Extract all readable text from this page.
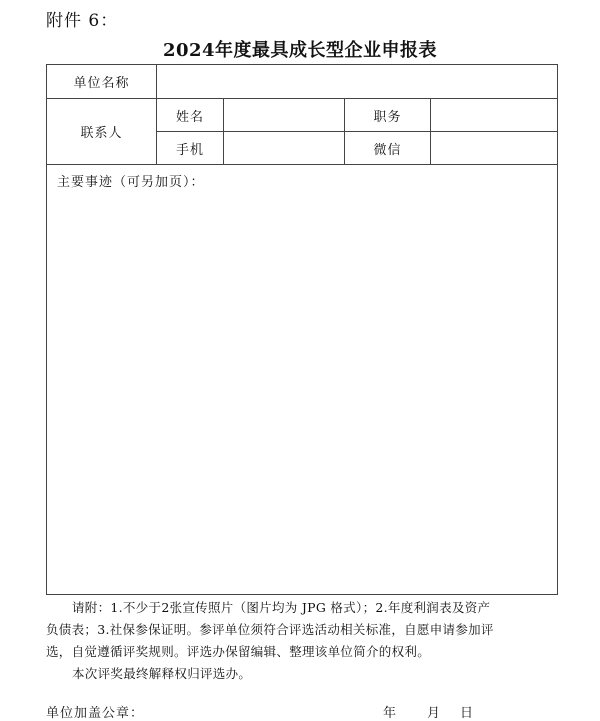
附件 6：
2024年度最具成长型企业申报表
单位名称				
联系人	姓名		职务	
	手机		微信	
主要事迹（可另加页）：				

请附：1.不少于2张宣传照片（图片均为 JPG 格式）；2.年度利润表及资产

负债表；3.社保参保证明。参评单位须符合评选活动相关标准，自愿申请参加评

选，自觉遵循评奖规则。评选办保留编辑、整理该单位简介的权利。

本次评奖最终解释权归评选办。

单位加盖公章：	年 月 日
